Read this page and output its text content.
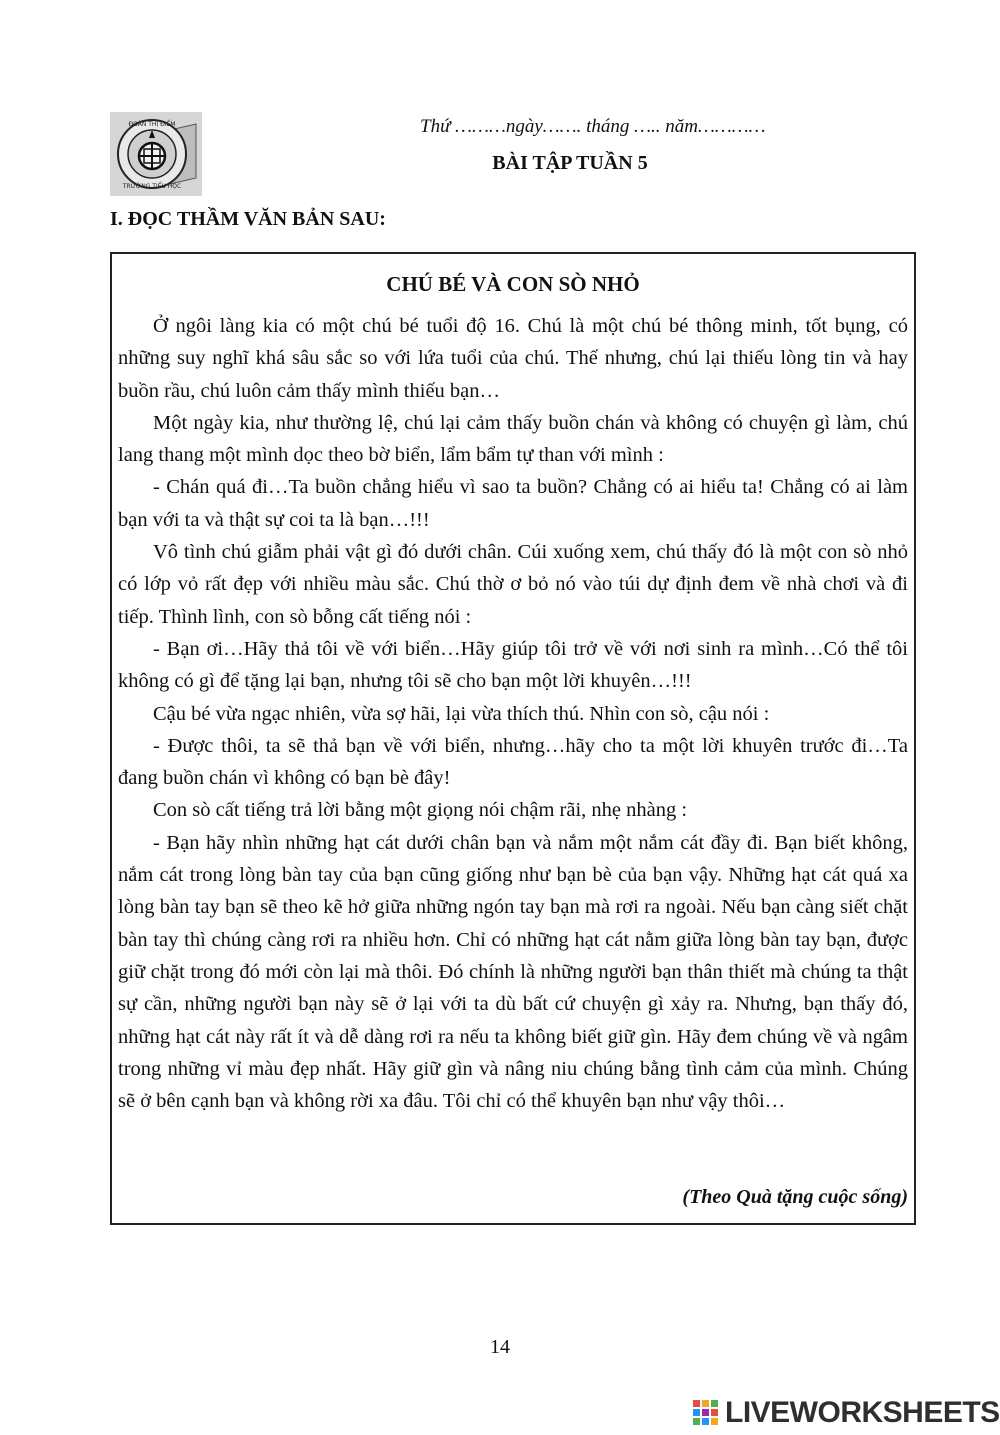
ĐOÀN THỊ ĐIỂM
TRƯỜNG TIỂU HỌC
Thứ ………ngày……. tháng ….. năm…………
BÀI TẬP TUẦN 5
I. ĐỌC THẦM VĂN BẢN SAU:
CHÚ BÉ VÀ CON SÒ NHỎ

Ở ngôi làng kia có một chú bé tuổi độ 16. Chú là một chú bé thông minh, tốt bụng, có những suy nghĩ khá sâu sắc so với lứa tuổi của chú. Thế nhưng, chú lại thiếu lòng tin và hay buồn rầu, chú luôn cảm thấy mình thiếu bạn…

Một ngày kia, như thường lệ, chú lại cảm thấy buồn chán và không có chuyện gì làm, chú lang thang một mình dọc theo bờ biển, lẩm bẩm tự than với mình :

- Chán quá đi…Ta buồn chẳng hiểu vì sao ta buồn? Chẳng có ai hiểu ta! Chẳng có ai làm bạn với ta và thật sự coi ta là bạn…!!!

Vô tình chú giẫm phải vật gì đó dưới chân. Cúi xuống xem, chú thấy đó là một con sò nhỏ có lớp vỏ rất đẹp với nhiều màu sắc. Chú thờ ơ bỏ nó vào túi dự định đem về nhà chơi và đi tiếp. Thình lình, con sò bỗng cất tiếng nói :

- Bạn ơi…Hãy thả tôi về với biển…Hãy giúp tôi trở về với nơi sinh ra mình…Có thể tôi không có gì để tặng lại bạn, nhưng tôi sẽ cho bạn một lời khuyên…!!!

Cậu bé vừa ngạc nhiên, vừa sợ hãi, lại vừa thích thú. Nhìn con sò, cậu nói :

- Được thôi, ta sẽ thả bạn về với biển, nhưng…hãy cho ta một lời khuyên trước đi…Ta đang buồn chán vì không có bạn bè đây!

Con sò cất tiếng trả lời bằng một giọng nói chậm rãi, nhẹ nhàng :

- Bạn hãy nhìn những hạt cát dưới chân bạn và nắm một nắm cát đầy đi. Bạn biết không, nắm cát trong lòng bàn tay của bạn cũng giống như bạn bè của bạn vậy. Những hạt cát quá xa lòng bàn tay bạn sẽ theo kẽ hở giữa những ngón tay bạn mà rơi ra ngoài. Nếu bạn càng siết chặt bàn tay thì chúng càng rơi ra nhiều hơn. Chỉ có những hạt cát nằm giữa lòng bàn tay bạn, được giữ chặt trong đó mới còn lại mà thôi. Đó chính là những người bạn thân thiết mà chúng ta thật sự cần, những người bạn này sẽ ở lại với ta dù bất cứ chuyện gì xảy ra. Nhưng, bạn thấy đó, những hạt cát này rất ít và dễ dàng rơi ra nếu ta không biết giữ gìn. Hãy đem chúng về và ngâm trong những vỉ màu đẹp nhất. Hãy giữ gìn và nâng niu chúng bằng tình cảm của mình. Chúng sẽ ở bên cạnh bạn và không rời xa đâu. Tôi chỉ có thể khuyên bạn như vậy thôi…

(Theo Quà tặng cuộc sống)
14
LIVEWORKSHEETS
